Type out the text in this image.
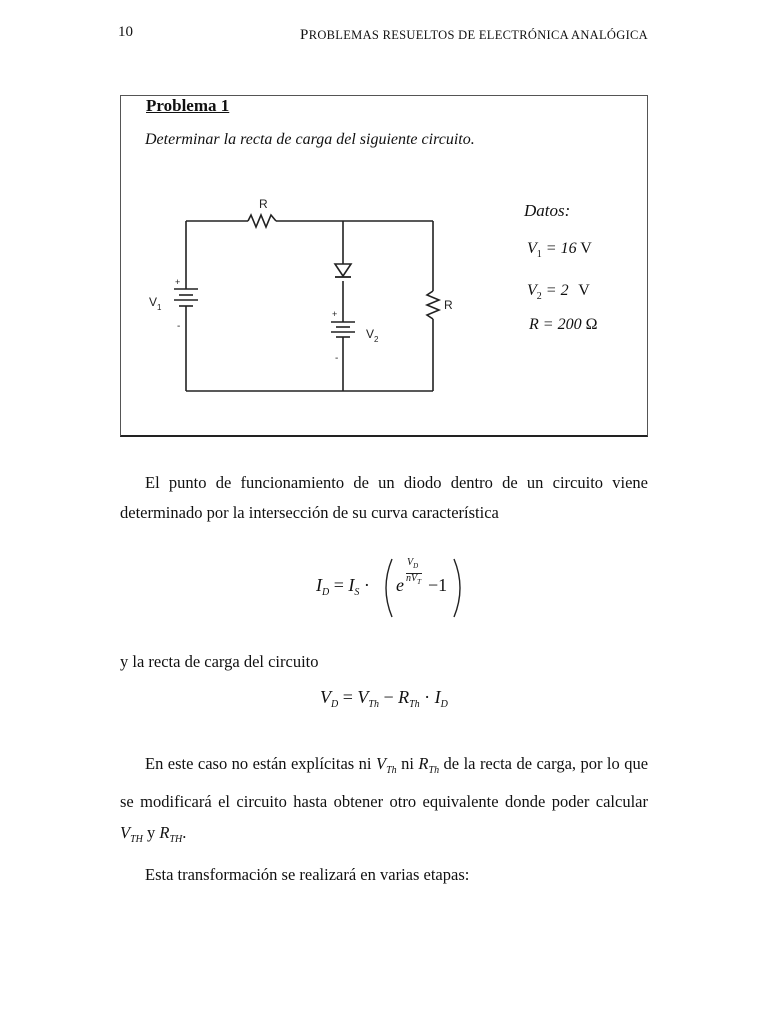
10	PROBLEMAS RESUELTOS DE ELECTRÓNICA ANALÓGICA
Problema 1
Determinar la recta de carga del siguiente circuito.
R
R
V 1
V 2
+
-
+
-
Datos:
$V_1 = 16$ V
$V_2 = 2$ V
R = 200 Ω
El punto de funcionamiento de un diodo dentro de un circuito viene determinado por la intersección de su curva característica
$I_D = I_S \cdot e$
$V_D$
$nV_T -1$
y la recta de carga del circuito
$V_D = V_{Th} - R_{Th} \cdot I_D$
En este caso no están explícitas ni $V_{Th}$ ni $R_{Th}$ de la recta de carga, por lo que se modificará el circuito hasta obtener otro equivalente donde poder calcular $V_{TH}$ y $R_{TH}$.
Esta transformación se realizará en varias etapas:
